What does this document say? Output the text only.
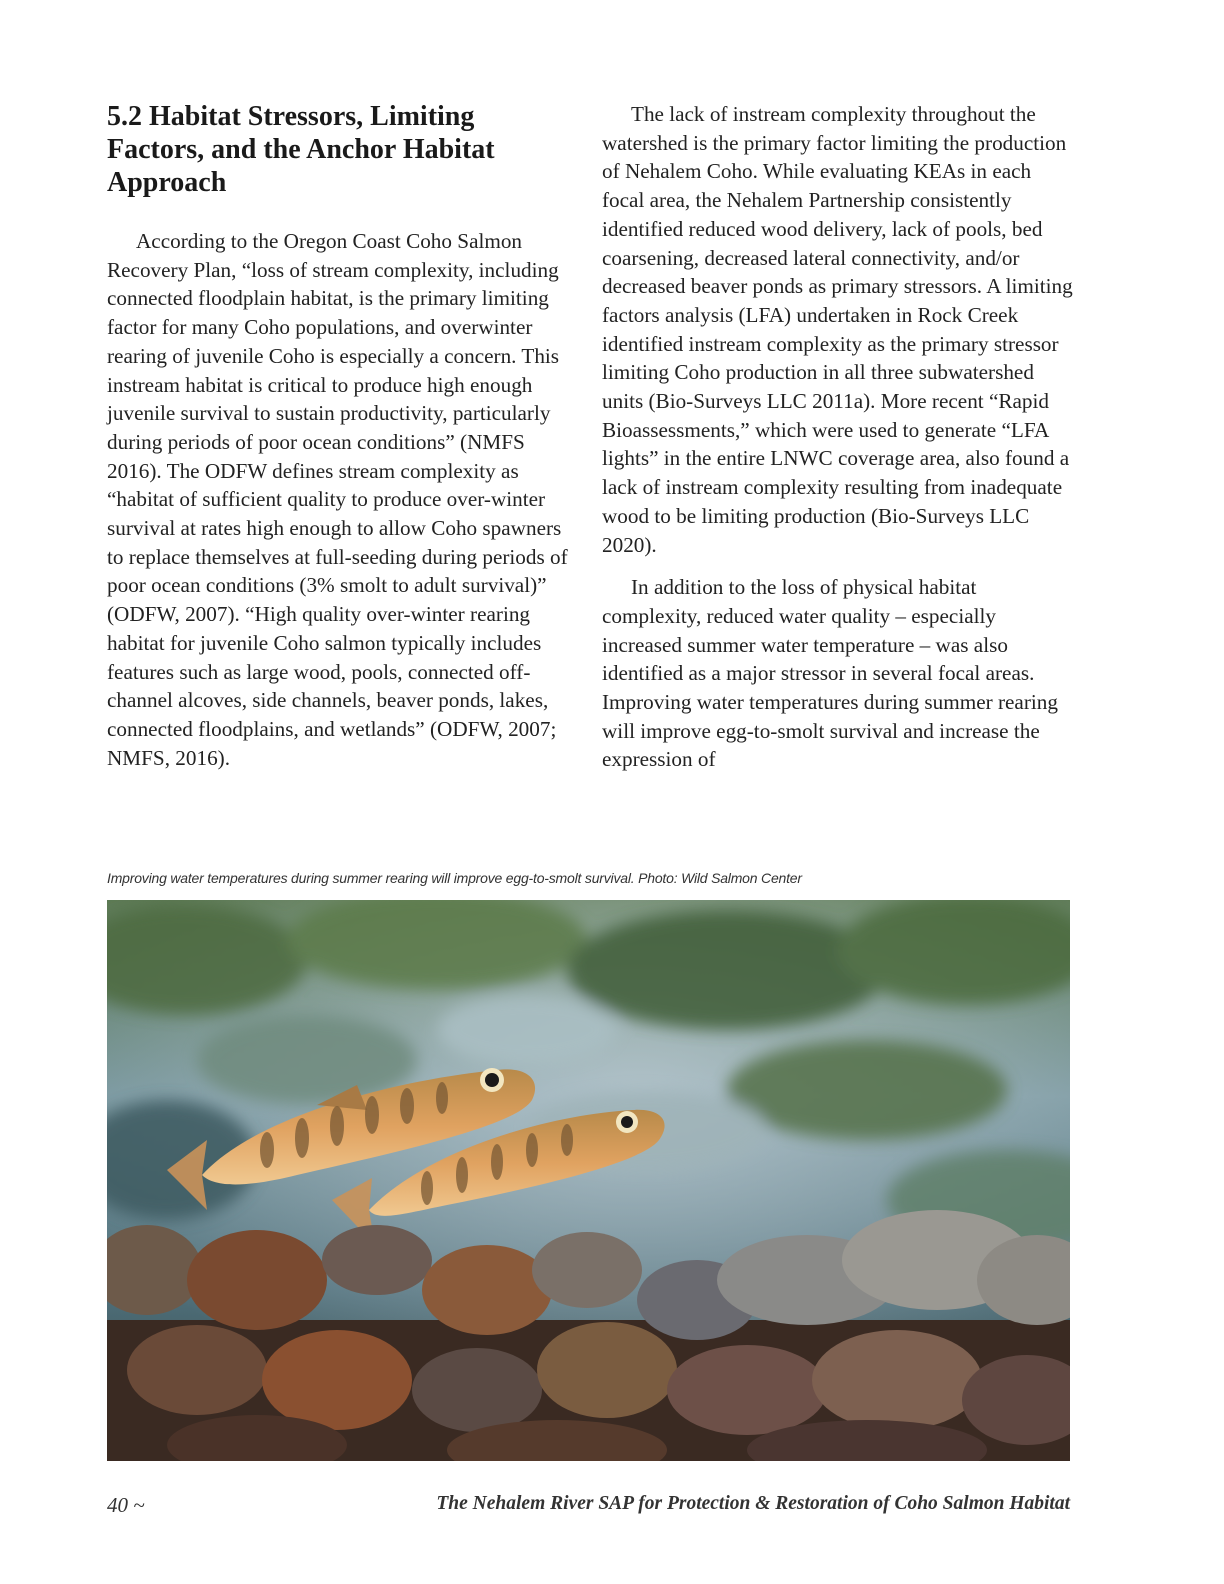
5.2 Habitat Stressors, Limiting Factors, and the Anchor Habitat Approach

According to the Oregon Coast Coho Salmon Recovery Plan, “loss of stream complexity, including connected floodplain habitat, is the primary limiting factor for many Coho populations, and overwinter rearing of juvenile Coho is especially a concern. This instream habitat is critical to produce high enough juvenile survival to sustain productivity, particularly during periods of poor ocean conditions” (NMFS 2016). The ODFW defines stream complexity as “habitat of sufficient quality to produce over-winter survival at rates high enough to allow Coho spawners to replace themselves at full-seeding during periods of poor ocean conditions (3% smolt to adult survival)” (ODFW, 2007). “High quality over-winter rearing habitat for juvenile Coho salmon typically includes features such as large wood, pools, connected off-channel alcoves, side channels, beaver ponds, lakes, connected floodplains, and wetlands” (ODFW, 2007; NMFS, 2016).

The lack of instream complexity throughout the watershed is the primary factor limiting the production of Nehalem Coho. While evaluating KEAs in each focal area, the Nehalem Partnership consistently identified reduced wood delivery, lack of pools, bed coarsening, decreased lateral connectivity, and/or decreased beaver ponds as primary stressors. A limiting factors analysis (LFA) undertaken in Rock Creek identified instream complexity as the primary stressor limiting Coho production in all three subwatershed units (Bio-Surveys LLC 2011a). More recent “Rapid Bioassessments,” which were used to generate “LFA lights” in the entire LNWC coverage area, also found a lack of instream complexity resulting from inadequate wood to be limiting production (Bio-Surveys LLC 2020).

In addition to the loss of physical habitat complexity, reduced water quality – especially increased summer water temperature – was also identified as a major stressor in several focal areas. Improving water temperatures during summer rearing will improve egg-to-smolt survival and increase the expression of

Improving water temperatures during summer rearing will improve egg-to-smolt survival. Photo: Wild Salmon Center
40 ~	The Nehalem River SAP for Protection & Restoration of Coho Salmon Habitat
